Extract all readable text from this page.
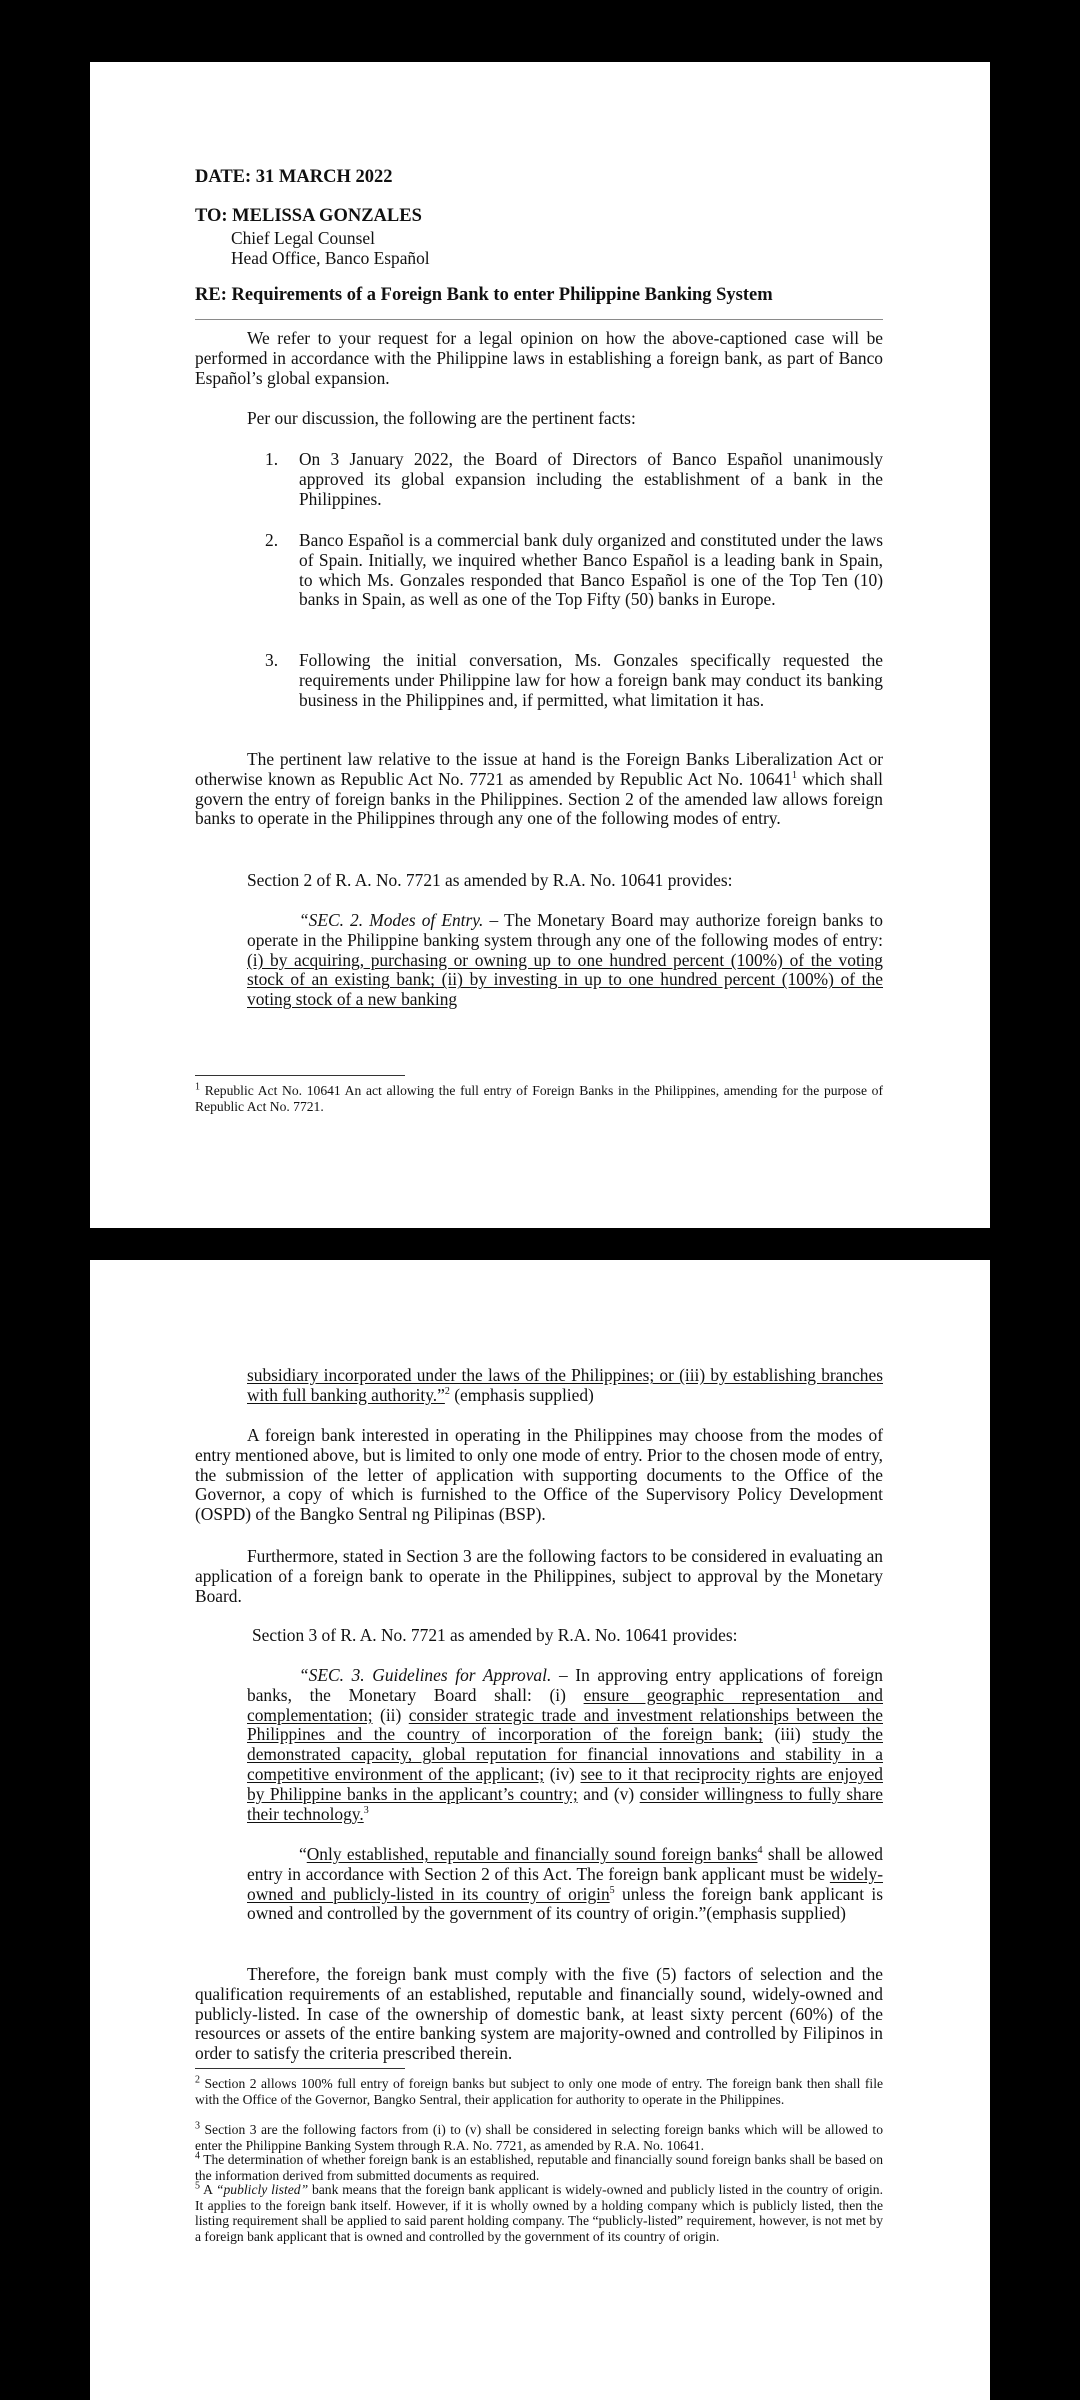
DATE: 31 MARCH 2022
TO: MELISSA GONZALES
Chief Legal Counsel
Head Office, Banco Español
RE: Requirements of a Foreign Bank to enter Philippine Banking System
We refer to your request for a legal opinion on how the above-captioned case will be performed in accordance with the Philippine laws in establishing a foreign bank, as part of Banco Español’s global expansion.
Per our discussion, the following are the pertinent facts:
1. On 3 January 2022, the Board of Directors of Banco Español unanimously approved its global expansion including the establishment of a bank in the Philippines.
2. Banco Español is a commercial bank duly organized and constituted under the laws of Spain. Initially, we inquired whether Banco Español is a leading bank in Spain, to which Ms. Gonzales responded that Banco Español is one of the Top Ten (10) banks in Spain, as well as one of the Top Fifty (50) banks in Europe.
3. Following the initial conversation, Ms. Gonzales specifically requested the requirements under Philippine law for how a foreign bank may conduct its banking business in the Philippines and, if permitted, what limitation it has.
The pertinent law relative to the issue at hand is the Foreign Banks Liberalization Act or otherwise known as Republic Act No. 7721 as amended by Republic Act No. 10641$^1$ which shall govern the entry of foreign banks in the Philippines. Section 2 of the amended law allows foreign banks to operate in the Philippines through any one of the following modes of entry.
Section 2 of R. A. No. 7721 as amended by R.A. No. 10641 provides:
“SEC. 2. Modes of Entry. – The Monetary Board may authorize foreign banks to operate in the Philippine banking system through any one of the following modes of entry: (i) by acquiring, purchasing or owning up to one hundred percent (100%) of the voting stock of an existing bank; (ii) by investing in up to one hundred percent (100%) of the voting stock of a new banking
$^1$ Republic Act No. 10641 An act allowing the full entry of Foreign Banks in the Philippines, amending for the purpose of Republic Act No. 7721.
subsidiary incorporated under the laws of the Philippines; or (iii) by establishing branches with full banking authority.”$^2$ (emphasis supplied)
A foreign bank interested in operating in the Philippines may choose from the modes of entry mentioned above, but is limited to only one mode of entry. Prior to the chosen mode of entry, the submission of the letter of application with supporting documents to the Office of the Governor, a copy of which is furnished to the Office of the Supervisory Policy Development (OSPD) of the Bangko Sentral ng Pilipinas (BSP).
Furthermore, stated in Section 3 are the following factors to be considered in evaluating an application of a foreign bank to operate in the Philippines, subject to approval by the Monetary Board.
Section 3 of R. A. No. 7721 as amended by R.A. No. 10641 provides:
“SEC. 3. Guidelines for Approval. – In approving entry applications of foreign banks, the Monetary Board shall: (i) ensure geographic representation and complementation; (ii) consider strategic trade and investment relationships between the Philippines and the country of incorporation of the foreign bank; (iii) study the demonstrated capacity, global reputation for financial innovations and stability in a competitive environment of the applicant; (iv) see to it that reciprocity rights are enjoyed by Philippine banks in the applicant’s country; and (v) consider willingness to fully share their technology.$^3$
“Only established, reputable and financially sound foreign banks$^4$ shall be allowed entry in accordance with Section 2 of this Act. The foreign bank applicant must be widely-owned and publicly-listed in its country of origin$^5$ unless the foreign bank applicant is owned and controlled by the government of its country of origin.”(emphasis supplied)
Therefore, the foreign bank must comply with the five (5) factors of selection and the qualification requirements of an established, reputable and financially sound, widely-owned and publicly-listed. In case of the ownership of domestic bank, at least sixty percent (60%) of the resources or assets of the entire banking system are majority-owned and controlled by Filipinos in order to satisfy the criteria prescribed therein.
$^2$ Section 2 allows 100% full entry of foreign banks but subject to only one mode of entry. The foreign bank then shall file with the Office of the Governor, Bangko Sentral, their application for authority to operate in the Philippines.
$^3$ Section 3 are the following factors from (i) to (v) shall be considered in selecting foreign banks which will be allowed to enter the Philippine Banking System through R.A. No. 7721, as amended by R.A. No. 10641.
$^4$ The determination of whether foreign bank is an established, reputable and financially sound foreign banks shall be based on the information derived from submitted documents as required.
$^5$ A “publicly listed” bank means that the foreign bank applicant is widely-owned and publicly listed in the country of origin. It applies to the foreign bank itself. However, if it is wholly owned by a holding company which is publicly listed, then the listing requirement shall be applied to said parent holding company. The “publicly-listed” requirement, however, is not met by a foreign bank applicant that is owned and controlled by the government of its country of origin.
